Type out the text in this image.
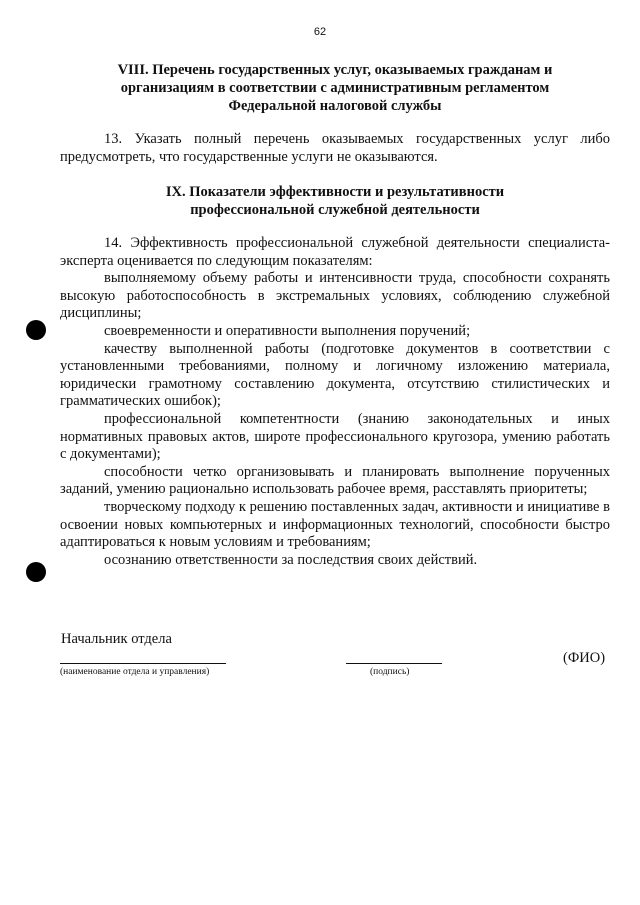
62
VIII. Перечень государственных услуг, оказываемых гражданам и
организациям в соответствии с административным регламентом
Федеральной налоговой службы

13. Указать полный перечень оказываемых государственных услуг либо предусмотреть, что государственные услуги не оказываются.

IX. Показатели эффективности и результативности
профессиональной служебной деятельности

14. Эффективность профессиональной служебной деятельности специалиста-эксперта оценивается по следующим показателям:

выполняемому объему работы и интенсивности труда, способности сохранять высокую работоспособность в экстремальных условиях, соблюдению служебной дисциплины;

своевременности и оперативности выполнения поручений;

качеству выполненной работы (подготовке документов в соответствии с установленными требованиями, полному и логичному изложению материала, юридически грамотному составлению документа, отсутствию стилистических и грамматических ошибок);

профессиональной компетентности (знанию законодательных и иных нормативных правовых актов, широте профессионального кругозора, умению работать с документами);

способности четко организовывать и планировать выполнение порученных заданий, умению рационально использовать рабочее время, расставлять приоритеты;

творческому подходу к решению поставленных задач, активности и инициативе в освоении новых компьютерных и информационных технологий, способности быстро адаптироваться к новым условиям и требованиям;

осознанию ответственности за последствия своих действий.

Начальник отдела
(наименование отдела и управления)	(подпись)
(ФИО)
